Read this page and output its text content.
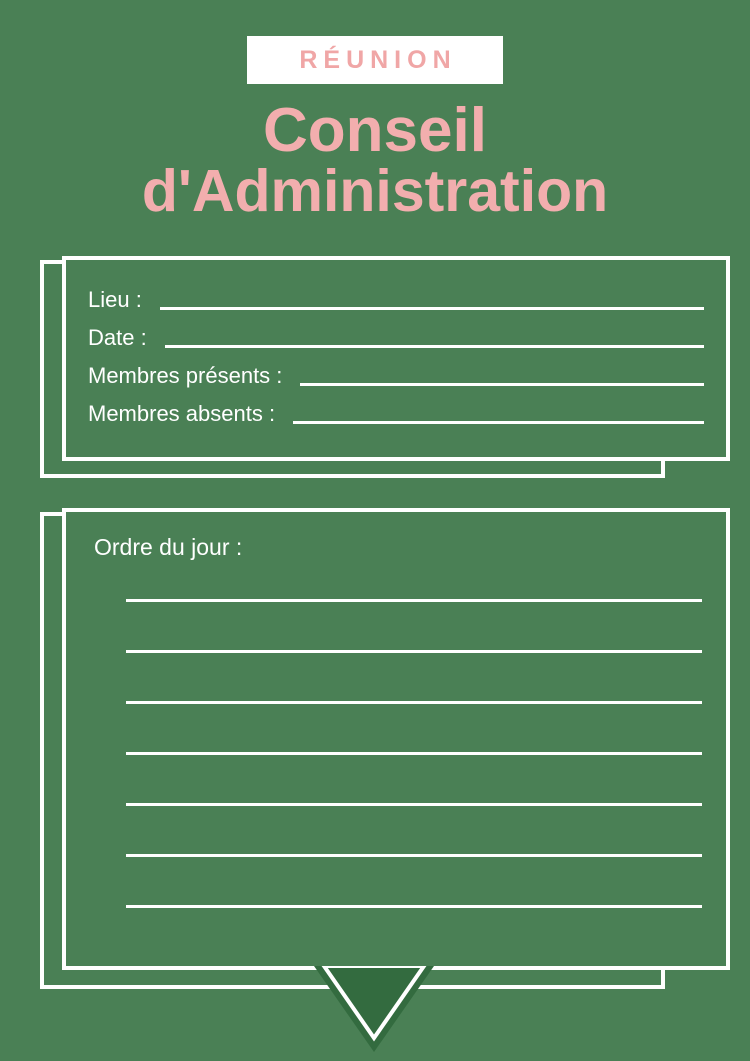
RÉUNION
Conseil
d'Administration
Lieu :
Date :
Membres présents :
Membres absents :
Ordre du jour :
